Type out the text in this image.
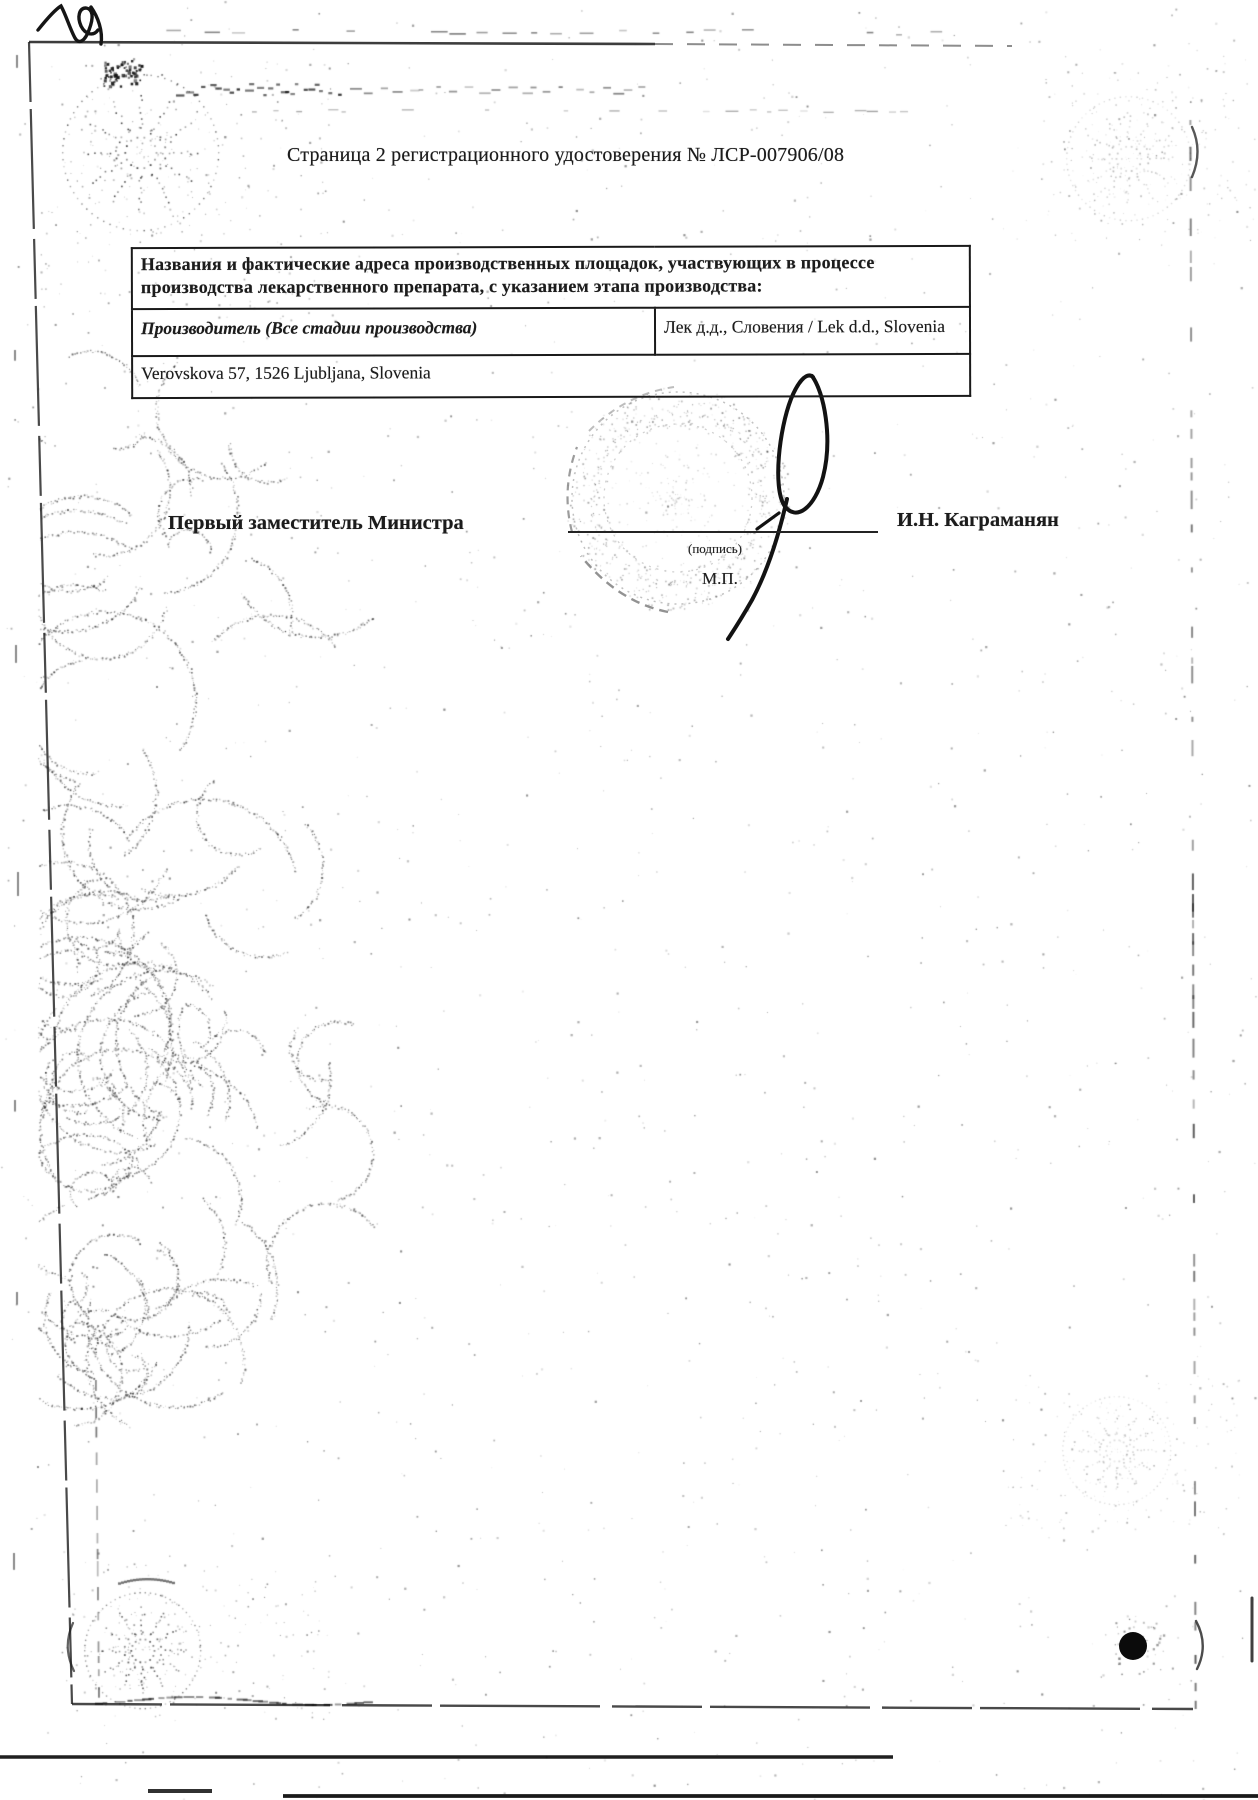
Страница 2 регистрационного удостоверения № ЛСР-007906/08
Названия и фактические адреса производственных площадок, участвующих в процессе производства лекарственного препарата, с указанием этапа производства:
Производитель (Все стадии производства)	Лек д.д., Словения / Lek d.d., Slovenia
Verovskova 57, 1526 Ljubljana, Slovenia
Первый заместитель Министра
(подпись)
М.П.
И.Н. Каграманян
